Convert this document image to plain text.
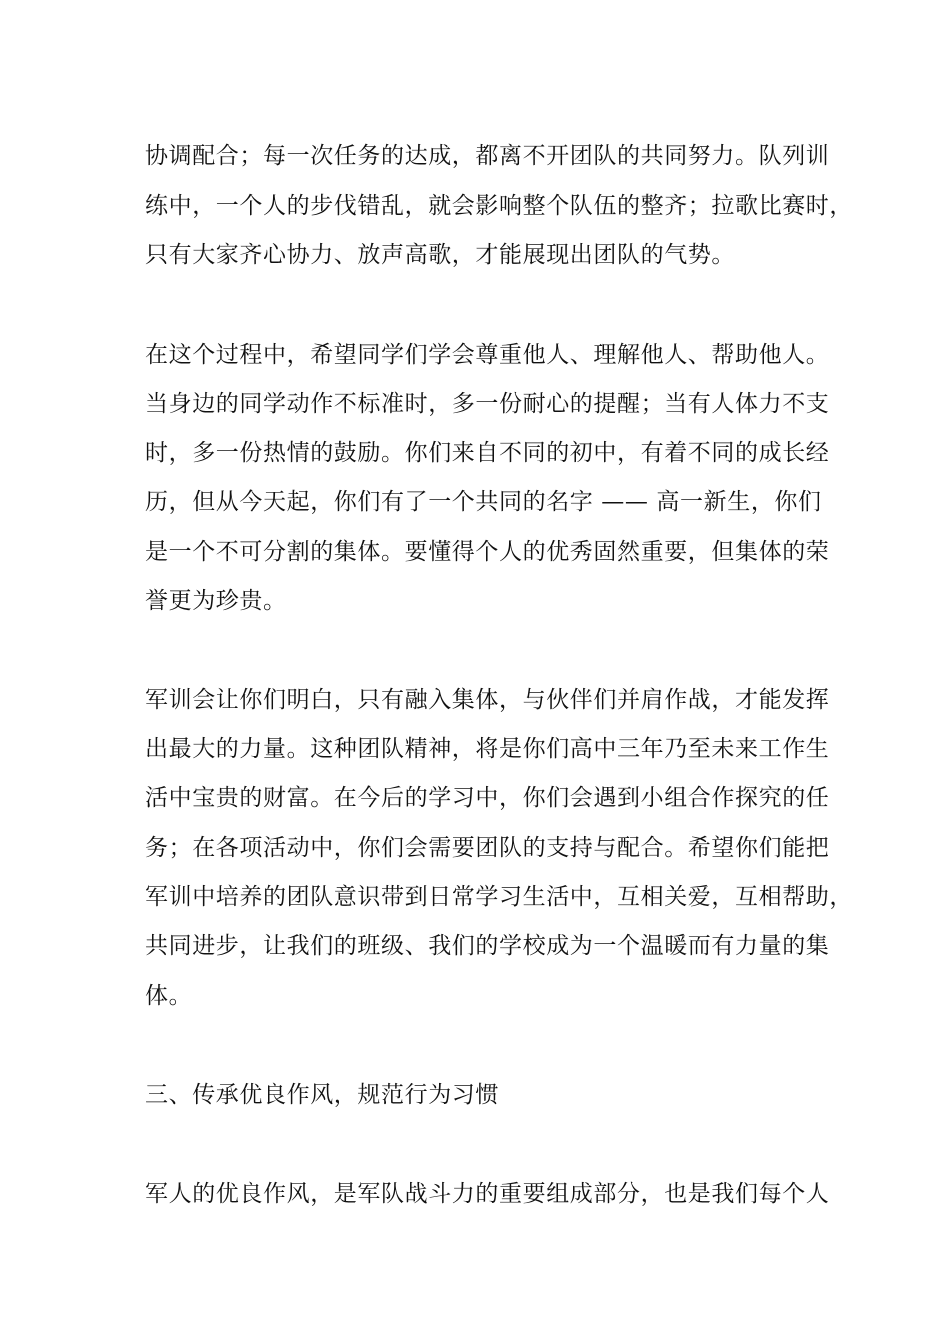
协调配合；每一次任务的达成，都离不开团队的共同努力。队列训
练中，一个人的步伐错乱，就会影响整个队伍的整齐；拉歌比赛时，
只有大家齐心协力、放声高歌，才能展现出团队的气势。
在这个过程中，希望同学们学会尊重他人、理解他人、帮助他人。
当身边的同学动作不标准时，多一份耐心的提醒；当有人体力不支
时，多一份热情的鼓励。你们来自不同的初中，有着不同的成长经
历，但从今天起，你们有了一个共同的名字 —— 高一新生，你们
是一个不可分割的集体。要懂得个人的优秀固然重要，但集体的荣
誉更为珍贵。
军训会让你们明白，只有融入集体，与伙伴们并肩作战，才能发挥
出最大的力量。这种团队精神，将是你们高中三年乃至未来工作生
活中宝贵的财富。在今后的学习中，你们会遇到小组合作探究的任
务；在各项活动中，你们会需要团队的支持与配合。希望你们能把
军训中培养的团队意识带到日常学习生活中，互相关爱，互相帮助，
共同进步，让我们的班级、我们的学校成为一个温暖而有力量的集
体。
三、传承优良作风，规范行为习惯
军人的优良作风，是军队战斗力的重要组成部分，也是我们每个人
